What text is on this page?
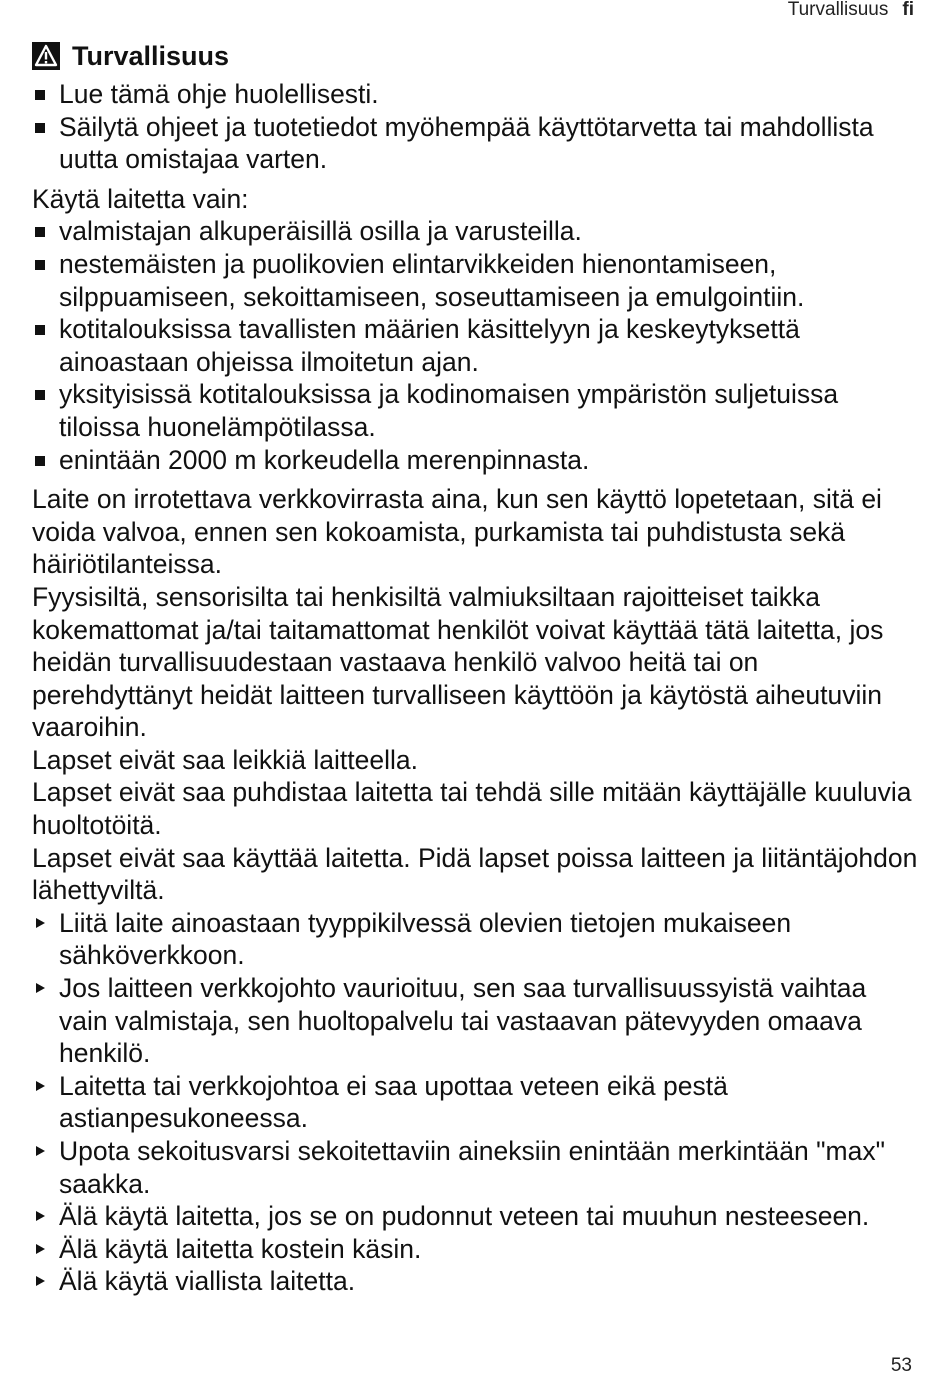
Turvallisuus fi
Turvallisuus
Lue tämä ohje huolellisesti.
Säilytä ohjeet ja tuotetiedot myöhempää käyttötarvetta tai mahdollista uutta omistajaa varten.

Käytä laitetta vain:

valmistajan alkuperäisillä osilla ja varusteilla.
nestemäisten ja puolikovien elintarvikkeiden hienontamiseen, silppuamiseen, sekoittamiseen, soseuttamiseen ja emulgointiin.
kotitalouksissa tavallisten määrien käsittelyyn ja keskeytyksettä ainoastaan ohjeissa ilmoitetun ajan.
yksityisissä kotitalouksissa ja kodinomaisen ympäristön suljetuissa tiloissa huonelämpötilassa.
enintään 2000 m korkeudella merenpinnasta.

Laite on irrotettava verkkovirrasta aina, kun sen käyttö lopetetaan, sitä ei voida valvoa, ennen sen kokoamista, purkamista tai puhdistusta sekä häiriötilanteissa.

Fyysisiltä, sensorisilta tai henkisiltä valmiuksiltaan rajoitteiset taikka kokemattomat ja/tai taitamattomat henkilöt voivat käyttää tätä laitetta, jos heidän turvallisuudestaan vastaava henkilö valvoo heitä tai on perehdyttänyt heidät laitteen turvalliseen käyttöön ja käytöstä aiheutuviin vaaroihin.

Lapset eivät saa leikkiä laitteella.

Lapset eivät saa puhdistaa laitetta tai tehdä sille mitään käyttäjälle kuuluvia huoltotöitä.

Lapset eivät saa käyttää laitetta. Pidä lapset poissa laitteen ja liitäntäjohdon lähettyviltä.

Liitä laite ainoastaan tyyppikilvessä olevien tietojen mukaiseen sähköverkkoon.
Jos laitteen verkkojohto vaurioituu, sen saa turvallisuussyistä vaihtaa vain valmistaja, sen huoltopalvelu tai vastaavan pätevyyden omaava henkilö.
Laitetta tai verkkojohtoa ei saa upottaa veteen eikä pestä astianpesukoneessa.
Upota sekoitusvarsi sekoitettaviin aineksiin enintään merkintään "max" saakka.
Älä käytä laitetta, jos se on pudonnut veteen tai muuhun nesteeseen.
Älä käytä laitetta kostein käsin.
Älä käytä viallista laitetta.
53
